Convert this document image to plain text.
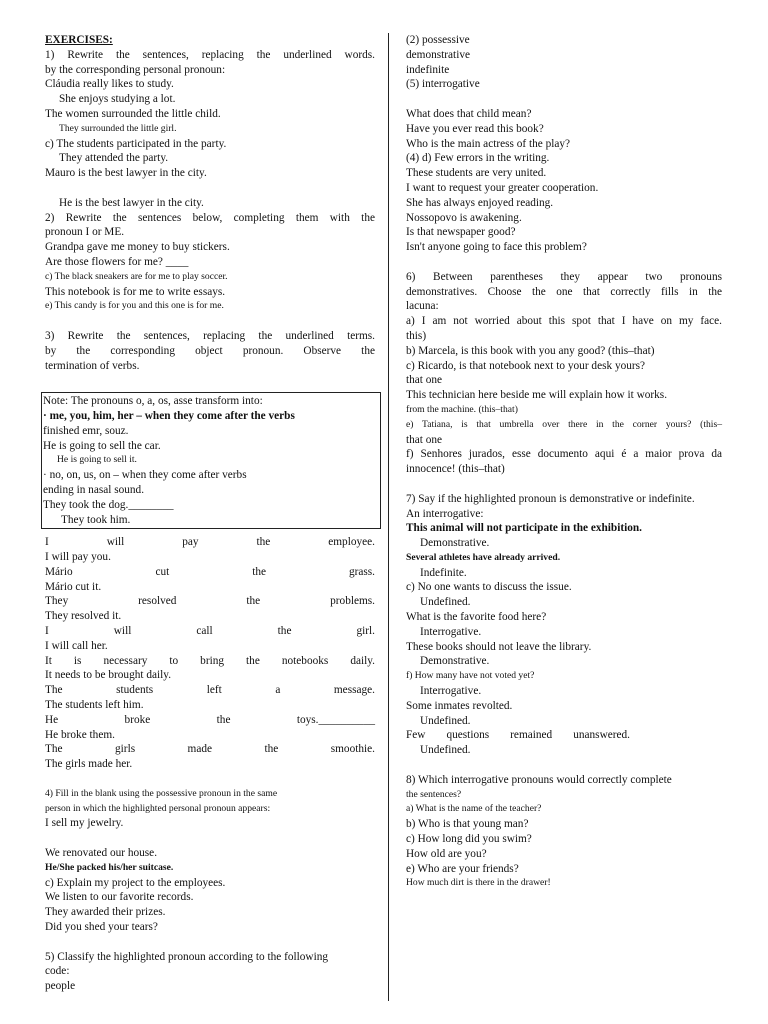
EXERCISES:
1) Rewrite the sentences, replacing the underlined words.
by the corresponding personal pronoun:
Cláudia really likes to study.
She enjoys studying a lot.
The women surrounded the little child.
They surrounded the little girl.
c) The students participated in the party.
They attended the party.
Mauro is the best lawyer in the city.
He is the best lawyer in the city.
2) Rewrite the sentences below, completing them with the
pronoun I or ME.
Grandpa gave me money to buy stickers.
Are those flowers for me? ____
c) The black sneakers are for me to play soccer.
This notebook is for me to write essays.
e) This candy is for you and this one is for me.
3) Rewrite the sentences, replacing the underlined terms.
by the corresponding object pronoun. Observe the
termination of verbs.
Note: The pronouns o, a, os, asse transform into:
· me, you, him, her – when they come after the verbs
finished emr, souz.
He is going to sell the car.
He is going to sell it.
· no, on, us, on – when they come after verbs
ending in nasal sound.
They took the dog.________
They took him.
I will pay the employee.
I will pay you.
Mário cut the grass.
Mário cut it.
They resolved the problems.
They resolved it.
I will call the girl.
I will call her.
It is necessary to bring the notebooks daily.
It needs to be brought daily.
The students left a message.
The students left him.
He broke the toys.__________
He broke them.
The girls made the smoothie.
The girls made her.
4) Fill in the blank using the possessive pronoun in the same
person in which the highlighted personal pronoun appears:
I sell my jewelry.
We renovated our house.
He/She packed his/her suitcase.
c) Explain my project to the employees.
We listen to our favorite records.
They awarded their prizes.
Did you shed your tears?
5) Classify the highlighted pronoun according to the following
code:
people
(2) possessive
demonstrative
indefinite
(5) interrogative
What does that child mean?
Have you ever read this book?
Who is the main actress of the play?
(4) d) Few errors in the writing.
These students are very united.
I want to request your greater cooperation.
She has always enjoyed reading.
Nossopovo is awakening.
Is that newspaper good?
Isn't anyone going to face this problem?
6) Between parentheses they appear two pronouns
demonstratives. Choose the one that correctly fills in the
lacuna:
a) I am not worried about this spot that I have on my face.
this)
b) Marcela, is this book with you any good? (this–that)
c) Ricardo, is that notebook next to your desk yours?
that one
This technician here beside me will explain how it works.
from the machine. (this–that)
e) Tatiana, is that umbrella over there in the corner yours? (this–
that one
f) Senhores jurados, esse documento aqui é a maior prova da
innocence! (this–that)
7) Say if the highlighted pronoun is demonstrative or indefinite.
An interrogative:
This animal will not participate in the exhibition.
Demonstrative.
Several athletes have already arrived.
Indefinite.
c) No one wants to discuss the issue.
Undefined.
What is the favorite food here?
Interrogative.
These books should not leave the library.
Demonstrative.
f) How many have not voted yet?
Interrogative.
Some inmates revolted.
Undefined.
Few questions remained unanswered.
Undefined.
8) Which interrogative pronouns would correctly complete
the sentences?
a) What is the name of the teacher?
b) Who is that young man?
c) How long did you swim?
How old are you?
e) Who are your friends?
How much dirt is there in the drawer!
